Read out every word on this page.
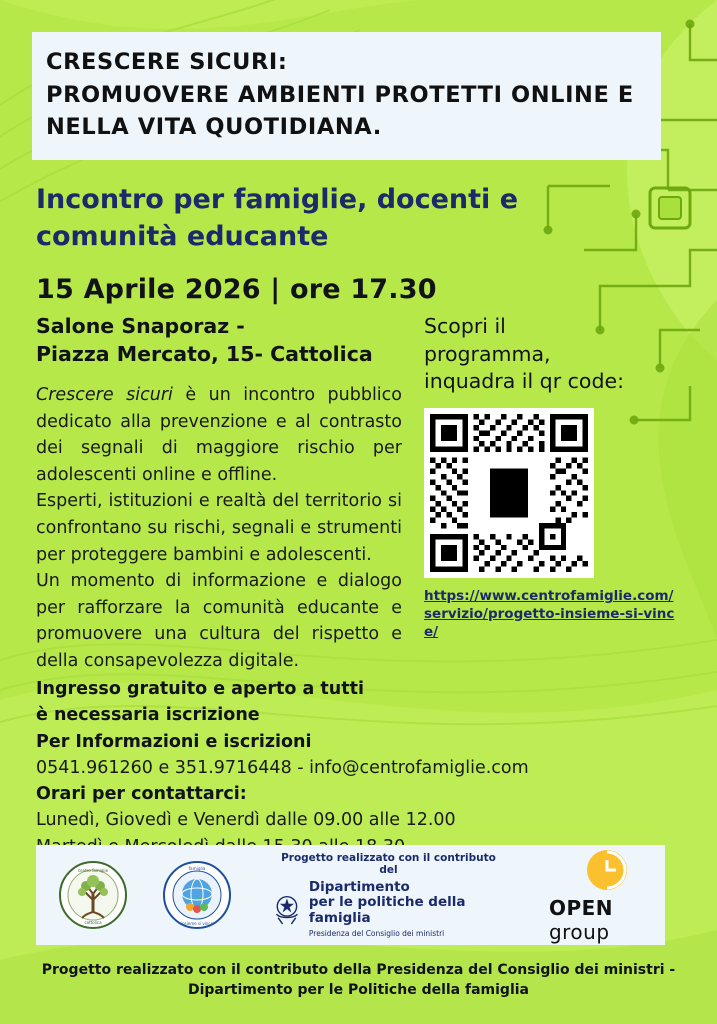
CRESCERE SICURI:
PROMUOVERE AMBIENTI PROTETTI ONLINE E
NELLA VITA QUOTIDIANA.
Incontro per famiglie, docenti e
comunità educante
15 Aprile 2026 | ore 17.30
Salone Snaporaz -
Piazza Mercato, 15- Cattolica

Crescere sicuri è un incontro pubblico dedicato alla prevenzione e al contrasto dei segnali di maggiore rischio per adolescenti online e offline.

Esperti, istituzioni e realtà del territorio si confrontano su rischi, segnali e strumenti per proteggere bambini e adolescenti.

Un momento di informazione e dialogo per rafforzare la comunità educante e promuovere una cultura del rispetto e della consapevolezza digitale.

Scopri il
programma,
inquadra il qr code:
https://www.centrofamiglie.com/
servizio/progetto-insieme-si-vince/
Ingresso gratuito e aperto a tutti
è necessaria iscrizione
Per Informazioni e iscrizioni
0541.961260 e 351.9716448 - info@centrofamiglie.com
Orari per contattarci:
Lunedì, Giovedì e Venerdì dalle 09.00 alle 12.00
centro famiglie
cattolica
famiglia
insieme si vince
Progetto realizzato con il contributo del
Dipartimento
per le politiche della famiglia
Presidenza del Consiglio dei ministri
OPEN group
Progetto realizzato con il contributo della Presidenza del Consiglio dei ministri -
Dipartimento per le Politiche della famiglia
